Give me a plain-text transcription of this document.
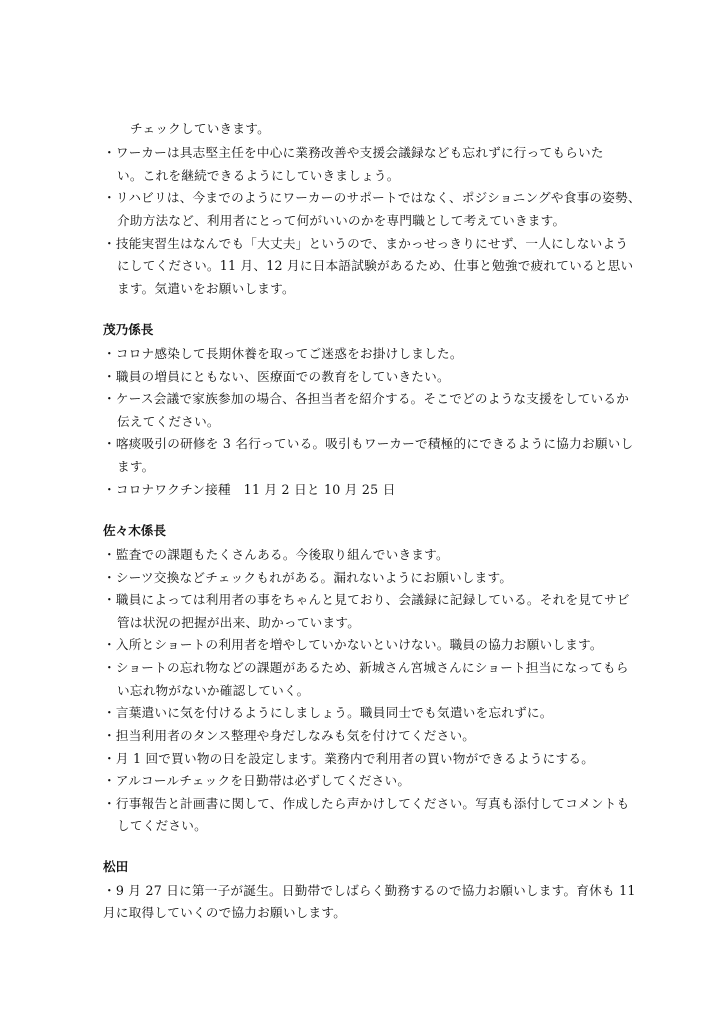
チェックしていきます。
・ワーカーは具志堅主任を中心に業務改善や支援会議録なども忘れずに行ってもらいた
い。これを継続できるようにしていきましょう。
・リハビリは、今までのようにワーカーのサポートではなく、ポジショニングや食事の姿勢、
介助方法など、利用者にとって何がいいのかを専門職として考えていきます。
・技能実習生はなんでも「大丈夫」というので、まかっせっきりにせず、一人にしないよう
にしてください。11 月、12 月に日本語試験があるため、仕事と勉強で疲れていると思い
ます。気遣いをお願いします。
茂乃係長
・コロナ感染して長期休養を取ってご迷惑をお掛けしました。
・職員の増員にともない、医療面での教育をしていきたい。
・ケース会議で家族参加の場合、各担当者を紹介する。そこでどのような支援をしているか
伝えてください。
・喀痰吸引の研修を 3 名行っている。吸引もワーカーで積極的にできるように協力お願いし
ます。
・コロナワクチン接種　11 月 2 日と 10 月 25 日
佐々木係長
・監査での課題もたくさんある。今後取り組んでいきます。
・シーツ交換などチェックもれがある。漏れないようにお願いします。
・職員によっては利用者の事をちゃんと見ており、会議録に記録している。それを見てサビ
管は状況の把握が出来、助かっています。
・入所とショートの利用者を増やしていかないといけない。職員の協力お願いします。
・ショートの忘れ物などの課題があるため、新城さん宮城さんにショート担当になってもら
い忘れ物がないか確認していく。
・言葉遣いに気を付けるようにしましょう。職員同士でも気遣いを忘れずに。
・担当利用者のタンス整理や身だしなみも気を付けてください。
・月 1 回で買い物の日を設定します。業務内で利用者の買い物ができるようにする。
・アルコールチェックを日勤帯は必ずしてください。
・行事報告と計画書に関して、作成したら声かけしてください。写真も添付してコメントも
してください。
松田
・9 月 27 日に第一子が誕生。日勤帯でしばらく勤務するので協力お願いします。育休も 11
月に取得していくので協力お願いします。
